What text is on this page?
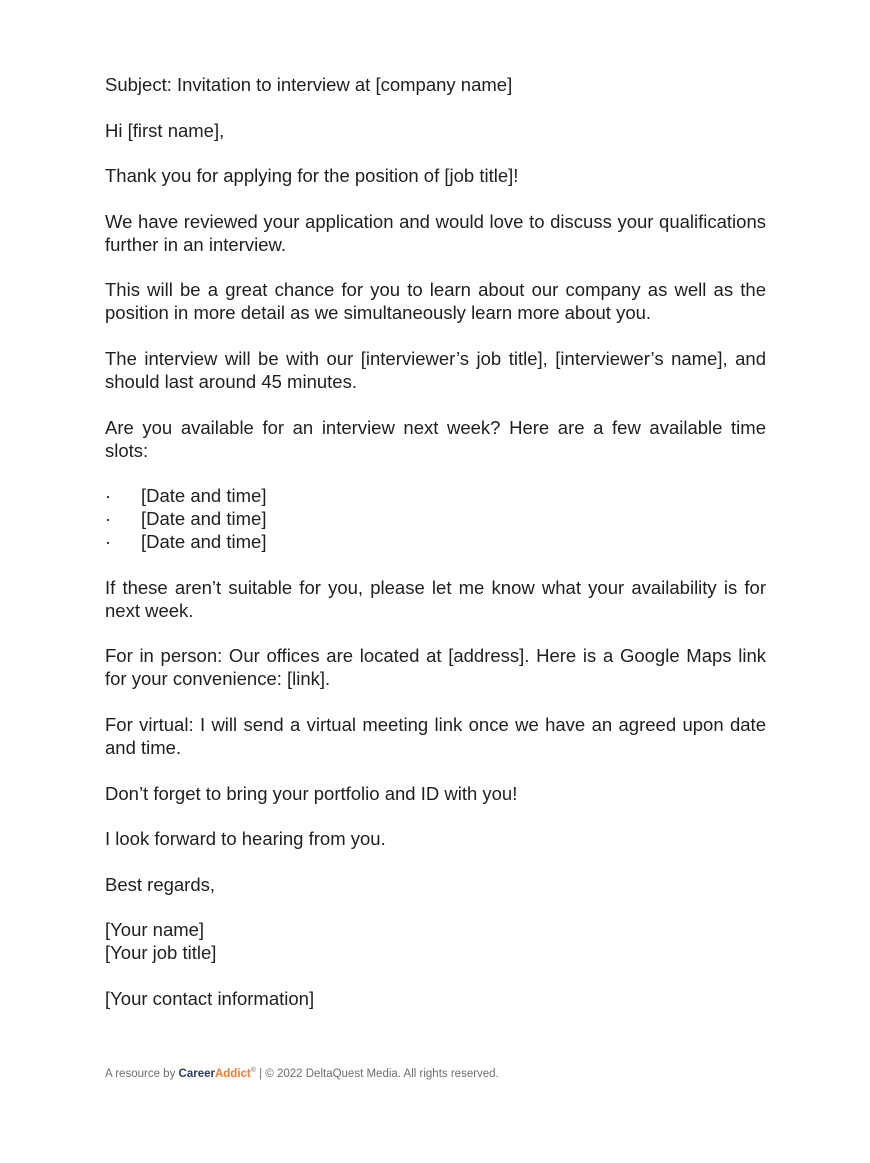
Subject: Invitation to interview at [company name]

Hi [first name],

Thank you for applying for the position of [job title]!

We have reviewed your application and would love to discuss your qualifications further in an interview.

This will be a great chance for you to learn about our company as well as the position in more detail as we simultaneously learn more about you.

The interview will be with our [interviewer’s job title], [interviewer’s name], and should last around 45 minutes.

Are you available for an interview next week? Here are a few available time slots:

·	[Date and time]
·	[Date and time]
·	[Date and time]

If these aren’t suitable for you, please let me know what your availability is for next week.

For in person: Our offices are located at [address]. Here is a Google Maps link for your convenience: [link].

For virtual: I will send a virtual meeting link once we have an agreed upon date and time.

Don’t forget to bring your portfolio and ID with you!

I look forward to hearing from you.

Best regards,

[Your name]

[Your job title]

[Your contact information]

A resource by CareerAddict® | © 2022 DeltaQuest Media. All rights reserved.
